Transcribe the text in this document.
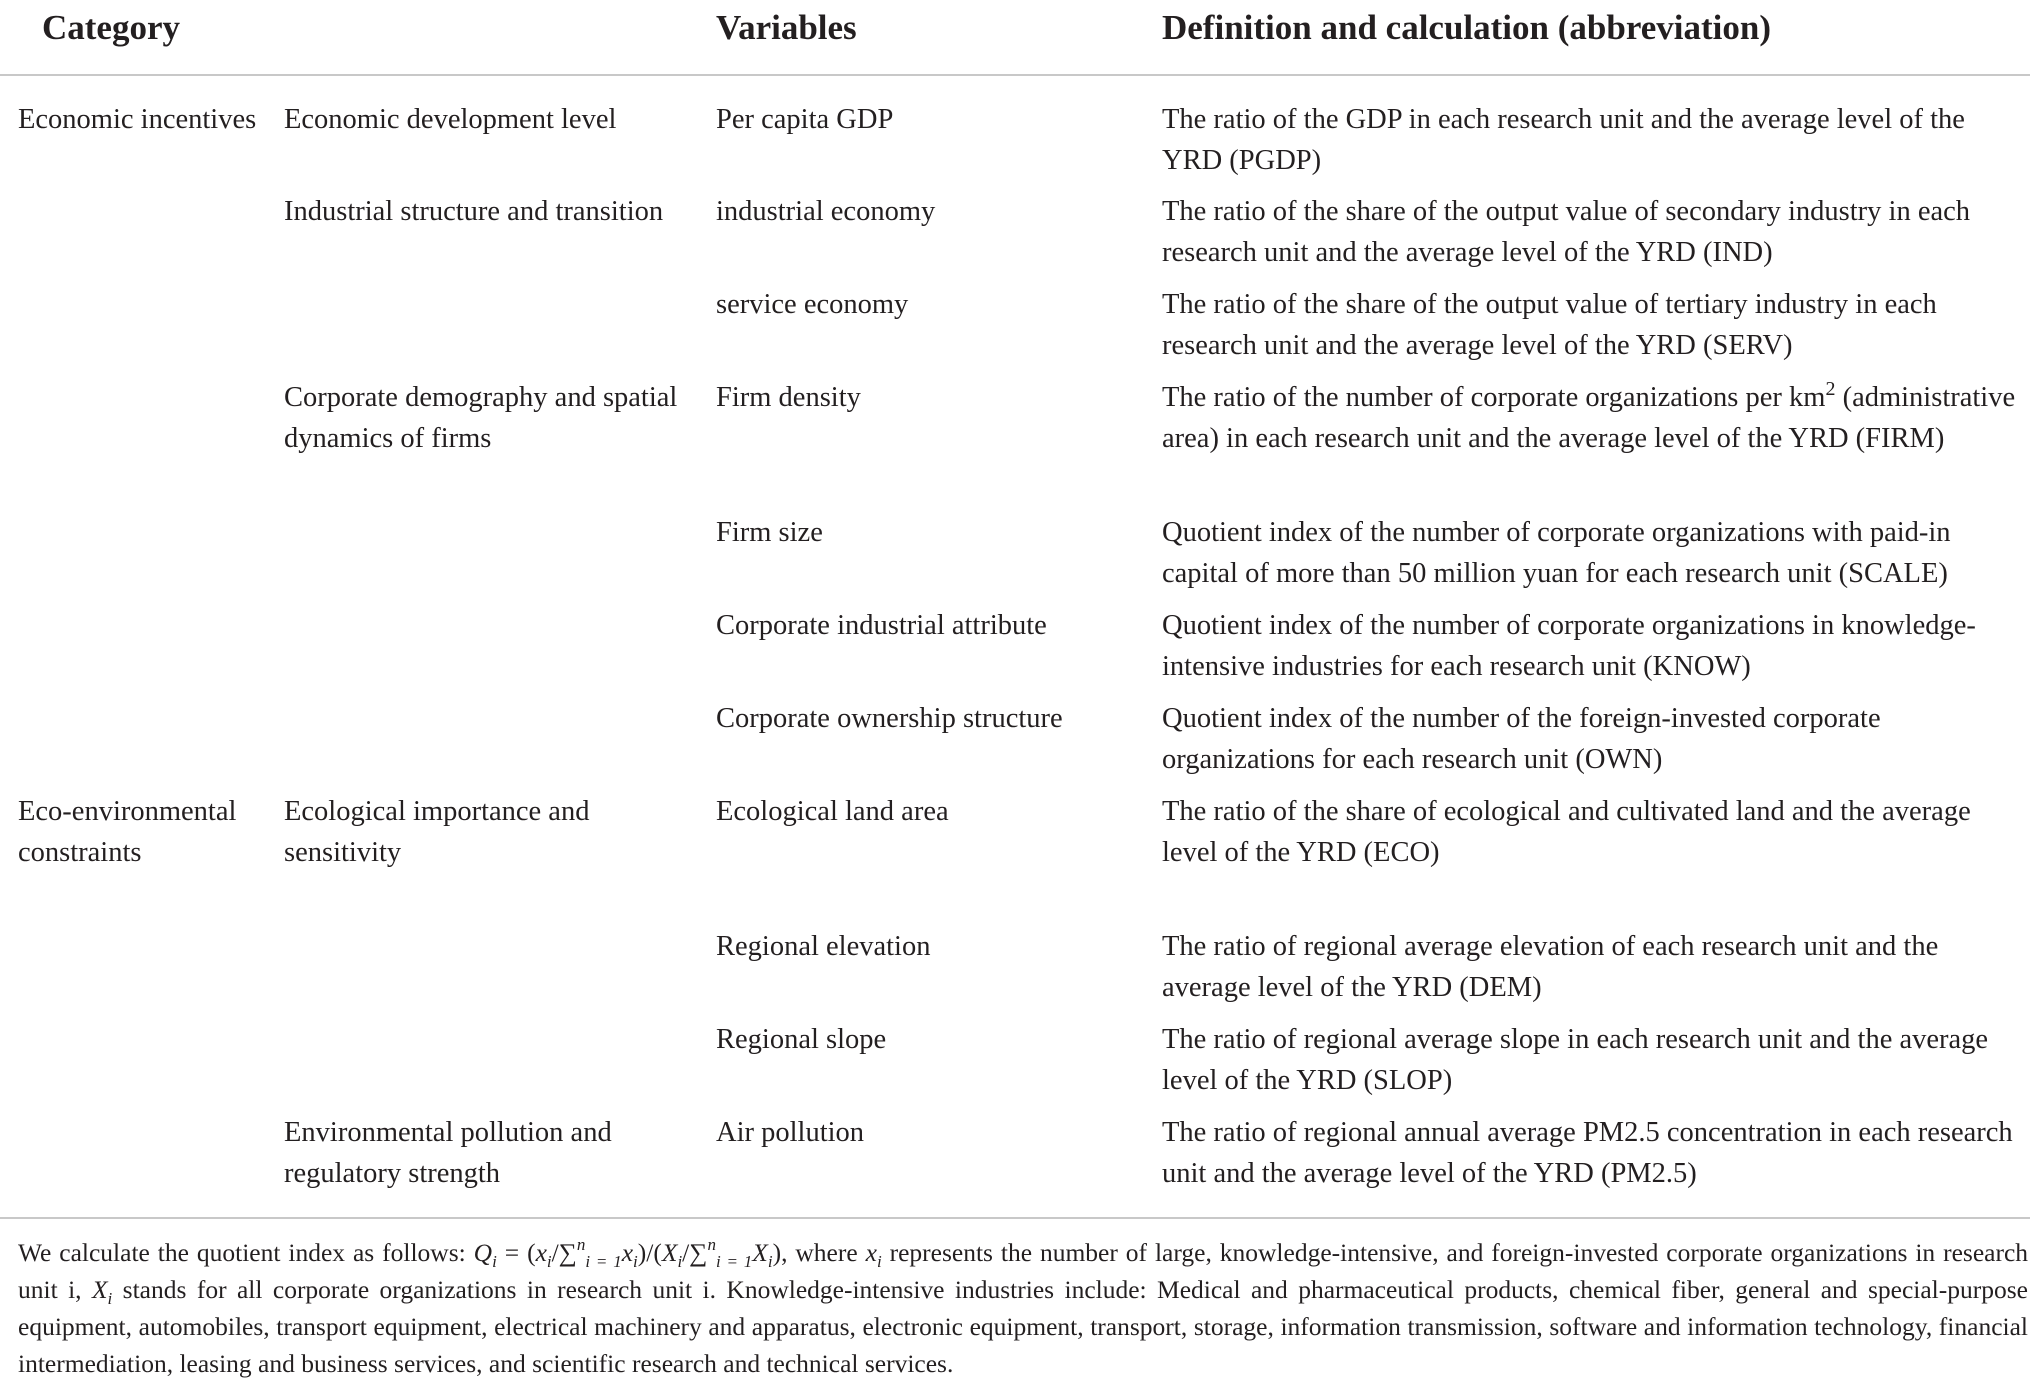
Category		Variables	Definition and calculation (abbreviation)
Economic incentives	Economic development level	Per capita GDP	The ratio of the GDP in each research unit and the average level of the YRD (PGDP)
	Industrial structure and transition	industrial economy	The ratio of the share of the output value of secondary industry in each research unit and the average level of the YRD (IND)
		service economy	The ratio of the share of the output value of tertiary industry in each research unit and the average level of the YRD (SERV)
	Corporate demography and spatial dynamics of firms	Firm density	The ratio of the number of corporate organizations per $km^2$ (administrative area) in each research unit and the average level of the YRD (FIRM)
		Firm size	Quotient index of the number of corporate organizations with paid-in capital of more than 50 million yuan for each research unit (SCALE)
		Corporate industrial attribute	Quotient index of the number of corporate organizations in knowledge-intensive industries for each research unit (KNOW)
		Corporate ownership structure	Quotient index of the number of the foreign-invested corporate organizations for each research unit (OWN)
Eco-environmental constraints	Ecological importance and sensitivity	Ecological land area	The ratio of the share of ecological and cultivated land and the average level of the YRD (ECO)
		Regional elevation	The ratio of regional average elevation of each research unit and the average level of the YRD (DEM)
		Regional slope	The ratio of regional average slope in each research unit and the average level of the YRD (SLOP)
	Environmental pollution and regulatory strength	Air pollution	The ratio of regional annual average PM2.5 concentration in each research unit and the average level of the YRD (PM2.5)
We calculate the quotient index as follows: $Q_i = (x_i/\sum^n_{i = 1}x_i)/(X_i/\sum^n_{i = 1}X_i)$, where $x_i$ represents the number of large, knowledge-intensive, and foreign-invested corporate organizations in research unit i, $X_i$ stands for all corporate organizations in research unit i. Knowledge-intensive industries include: Medical and pharmaceutical products, chemical fiber, general and special-purpose equipment, automobiles, transport equipment, electrical machinery and apparatus, electronic equipment, transport, storage, information transmission, software and information technology, financial intermediation, leasing and business services, and scientific research and technical services.
